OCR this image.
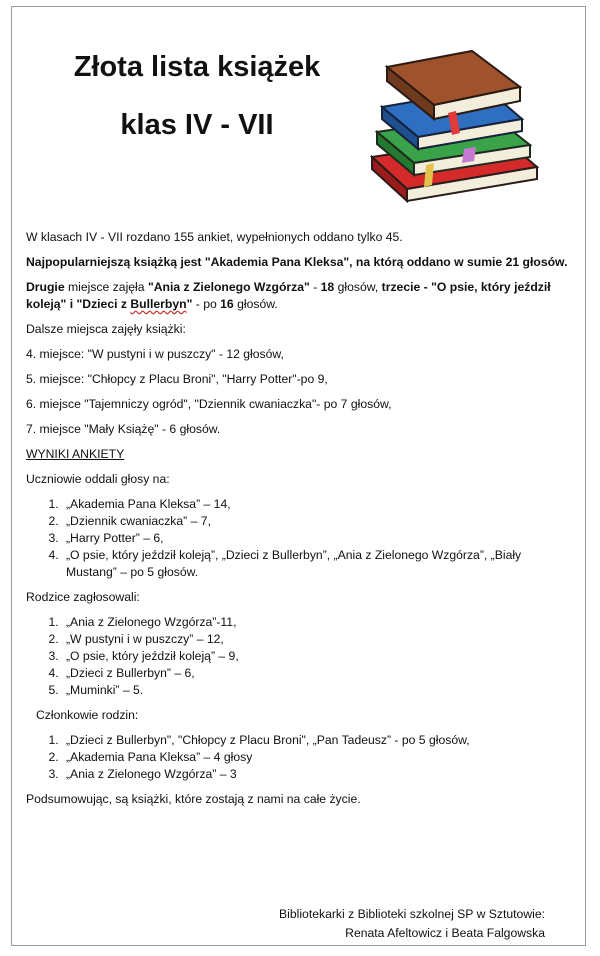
Złota lista książek
klas IV - VII

W klasach IV - VII rozdano 155 ankiet, wypełnionych oddano tylko 45.

Najpopularniejszą książką jest "Akademia Pana Kleksa", na którą oddano w sumie 21 głosów.

Drugie miejsce zajęła "Ania z Zielonego Wzgórza" - 18 głosów, trzecie - "O psie, który jeździł koleją" i "Dzieci z Bullerbyn" - po 16 głosów.

Dalsze miejsca zajęły książki:

4. miejsce: "W pustyni i w puszczy" - 12 głosów,

5. miejsce: "Chłopcy z Placu Broni", "Harry Potter"-po 9,

6. miejsce "Tajemniczy ogród", "Dziennik cwaniaczka"- po 7 głosów,

7. miejsce "Mały Książę" - 6 głosów.

WYNIKI ANKIETY

Uczniowie oddali głosy na:

1. „Akademia Pana Kleksa” – 14,
2. „Dziennik cwaniaczka” – 7,
3. „Harry Potter” – 6,
4. „O psie, który jeździł koleją”, „Dzieci z Bullerbyn”, „Ania z Zielonego Wzgórza”, „Biały Mustang” – po 5 głosów.

Rodzice zagłosowali:

1. „Ania z Zielonego Wzgórza”-11,
2. „W pustyni i w puszczy” – 12,
3. „O psie, który jeździł koleją” – 9,
4. „Dzieci z Bullerbyn” – 6,
5. „Muminki” – 5.

Członkowie rodzin:

1. „Dzieci z Bullerbyn", "Chłopcy z Placu Broni", „Pan Tadeusz” - po 5 głosów,
2. „Akademia Pana Kleksa” – 4 głosy
3. „Ania z Zielonego Wzgórza” – 3

Podsumowując, są książki, które zostają z nami na całe życie.

Bibliotekarki z Biblioteki szkolnej SP w Sztutowie:
Renata Afeltowicz i Beata Falgowska
